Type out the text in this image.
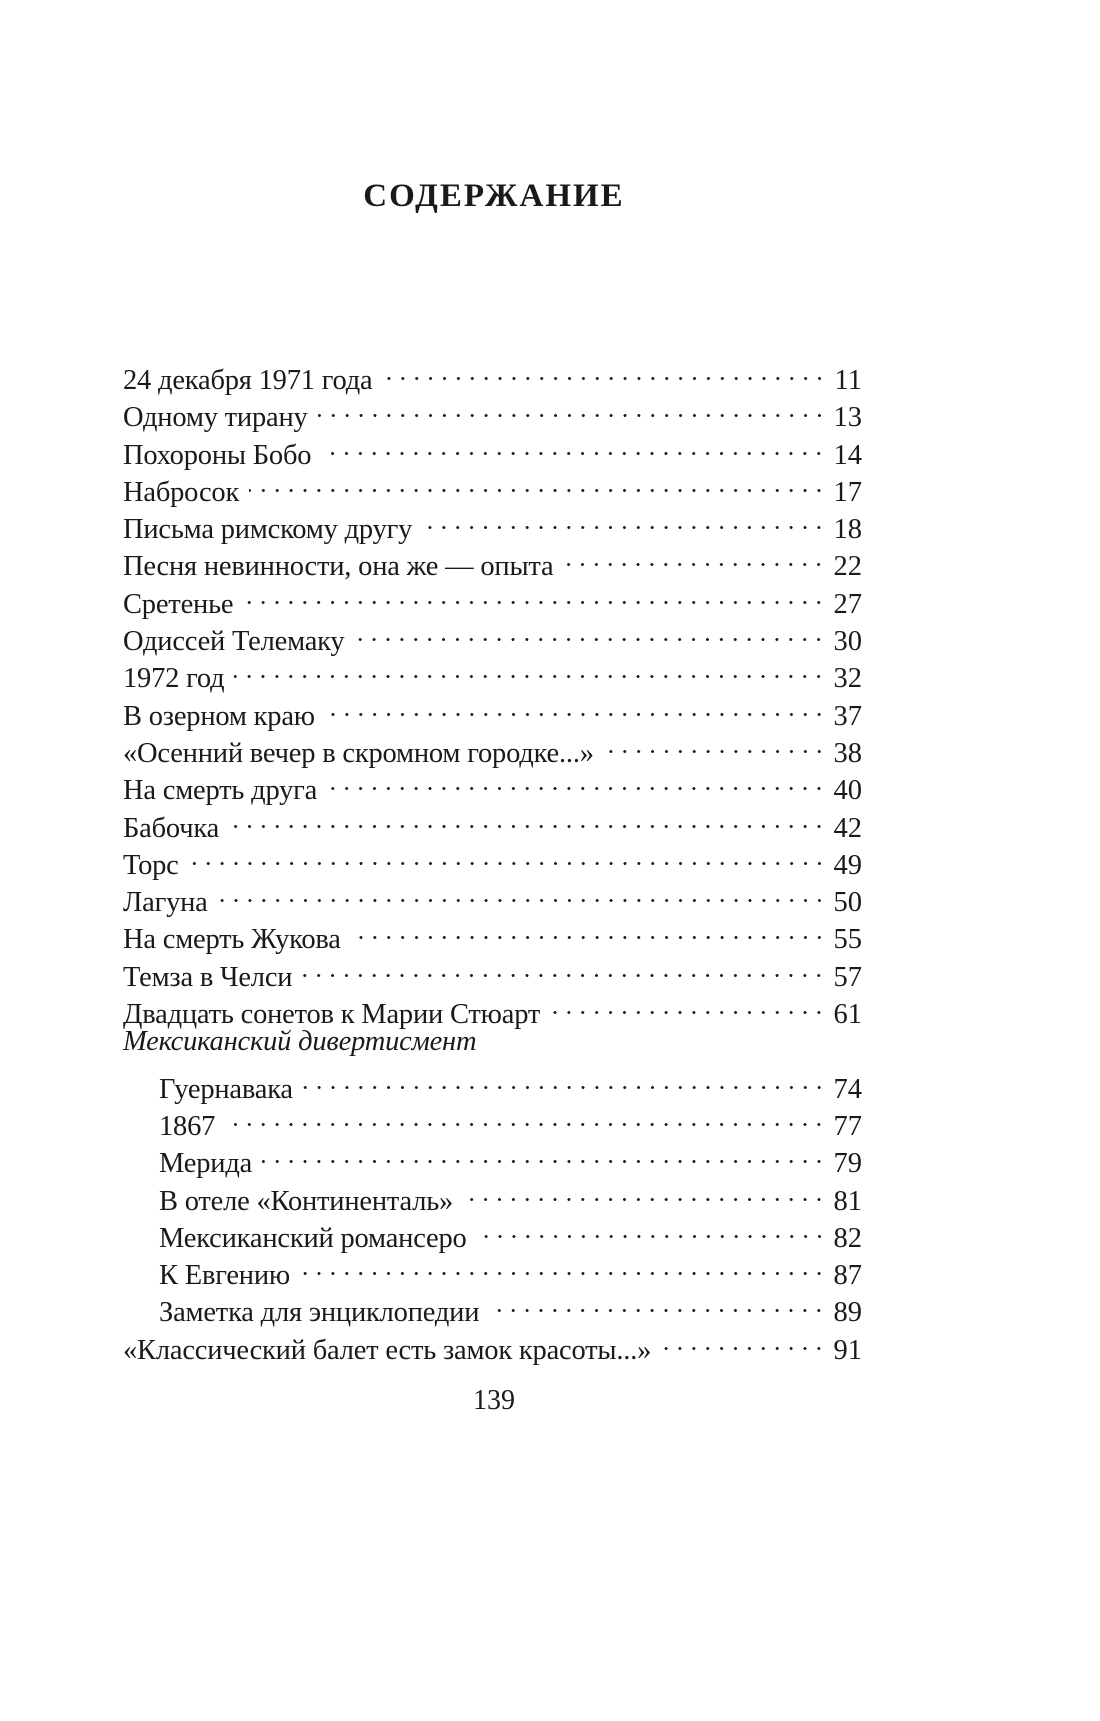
СОДЕРЖАНИЕ
24 декабря 1971 года	11
Одному тирану	13
Похороны Бобо	14
Набросок	17
Письма римскому другу	18
Песня невинности, она же — опыта	22
Сретенье	27
Одиссей Телемаку	30
1972 год	32
В озерном краю	37
«Осенний вечер в скромном городке...»	38
На смерть друга	40
Бабочка	42
Торс	49
Лагуна	50
На смерть Жукова	55
Темза в Челси	57
Двадцать сонетов к Марии Стюарт	61
Мексиканский дивертисмент
Гуернавака	74
1867	77
Мерида	79
В отеле «Континенталь»	81
Мексиканский романсеро	82
К Евгению	87
Заметка для энциклопедии	89
«Классический балет есть замок красоты...»	91
139
